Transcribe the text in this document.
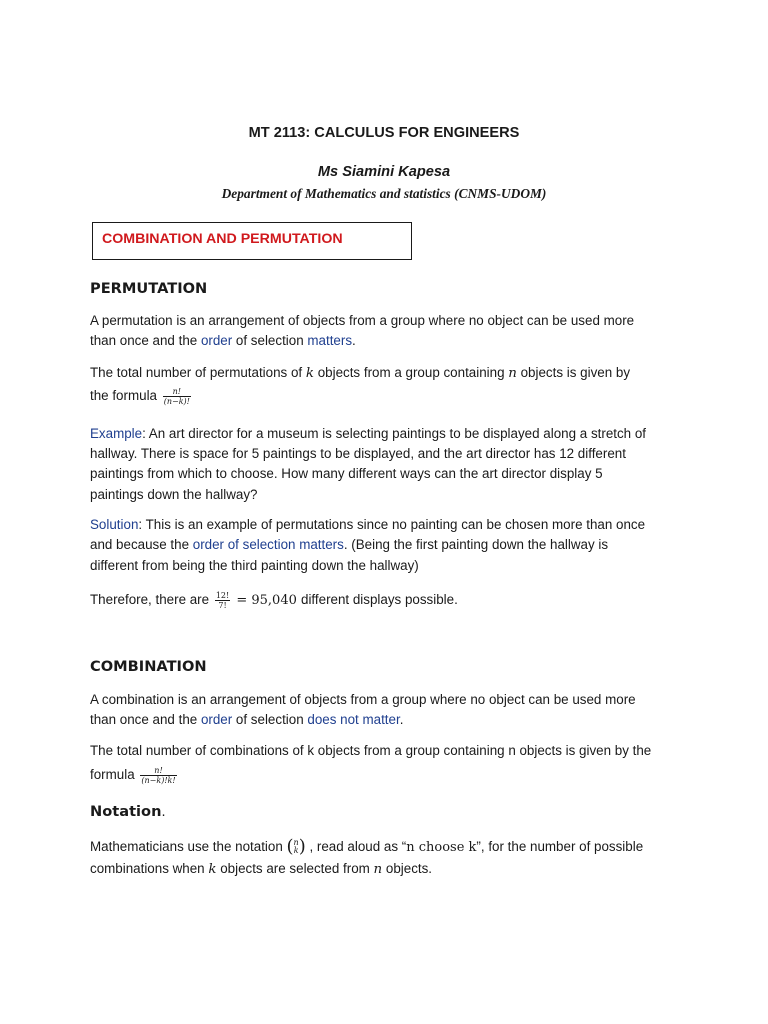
MT 2113: CALCULUS FOR ENGINEERS
Ms Siamini Kapesa
Department of Mathematics and statistics (CNMS-UDOM)
COMBINATION AND PERMUTATION
PERMUTATION
A permutation is an arrangement of objects from a group where no object can be used more
than once and the order of selection matters.
The total number of permutations of k objects from a group containing n objects is given by
the formula $\frac{n!}{(n-k)!}$
Example: An art director for a museum is selecting paintings to be displayed along a stretch of
hallway. There is space for 5 paintings to be displayed, and the art director has 12 different
paintings from which to choose. How many different ways can the art director display 5
paintings down the hallway?
Solution: This is an example of permutations since no painting can be chosen more than once
and because the order of selection matters. (Being the first painting down the hallway is
different from being the third painting down the hallway)
Therefore, there are $\frac{12!}{7!} = 95,040$ different displays possible.
COMBINATION
A combination is an arrangement of objects from a group where no object can be used more
than once and the order of selection does not matter.
The total number of combinations of k objects from a group containing n objects is given by the
formula $\frac{n!}{(n-k)!k!}$
Notation.
Mathematicians use the notation ( n
k ) , read aloud as “n choose k”, for the number of possible
combinations when k objects are selected from n objects.
